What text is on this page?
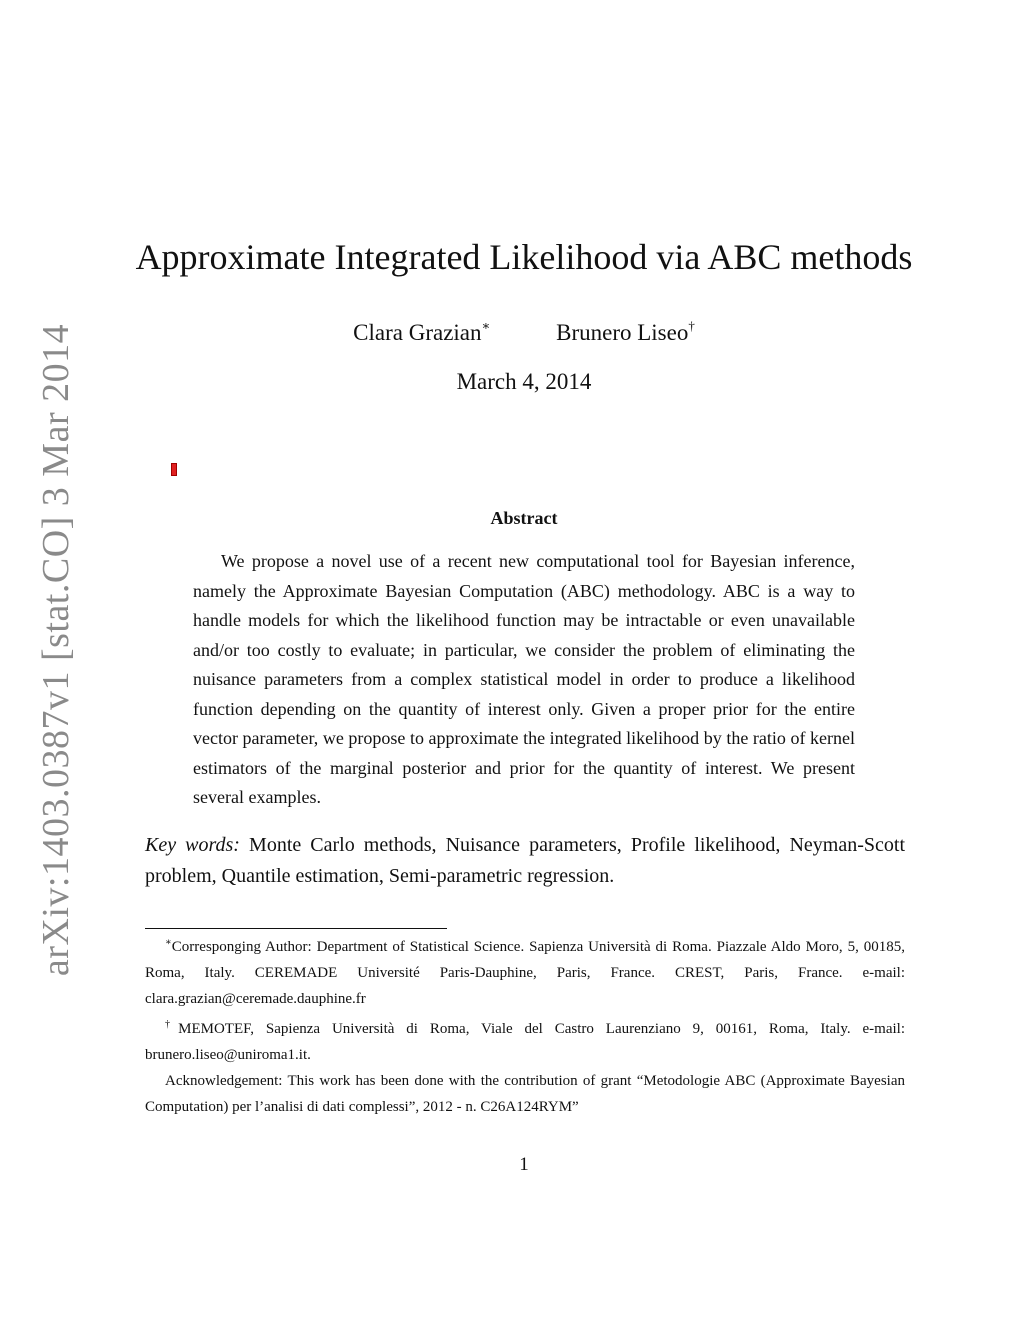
arXiv:1403.0387v1 [stat.CO] 3 Mar 2014
Approximate Integrated Likelihood via ABC methods
Clara Grazian∗	Brunero Liseo†
March 4, 2014
Abstract

We propose a novel use of a recent new computational tool for Bayesian inference, namely the Approximate Bayesian Computation (ABC) methodology. ABC is a way to handle models for which the likelihood function may be intractable or even unavailable and/or too costly to evaluate; in particular, we consider the problem of eliminating the nuisance parameters from a complex statistical model in order to produce a likelihood function depending on the quantity of interest only. Given a proper prior for the entire vector parameter, we propose to approximate the integrated likelihood by the ratio of kernel estimators of the marginal posterior and prior for the quantity of interest. We present several examples.

Key words: Monte Carlo methods, Nuisance parameters, Profile likelihood, Neyman-Scott problem, Quantile estimation, Semi-parametric regression.

∗Corresponging Author: Department of Statistical Science. Sapienza Università di Roma. Piazzale Aldo Moro, 5, 00185, Roma, Italy. CEREMADE Université Paris-Dauphine, Paris, France. CREST, Paris, France. e-mail: clara.grazian@ceremade.dauphine.fr

†MEMOTEF, Sapienza Università di Roma, Viale del Castro Laurenziano 9, 00161, Roma, Italy. e-mail: brunero.liseo@uniroma1.it.

Acknowledgement: This work has been done with the contribution of grant “Metodologie ABC (Approximate Bayesian Computation) per l’analisi di dati complessi”, 2012 - n. C26A124RYM”

1
